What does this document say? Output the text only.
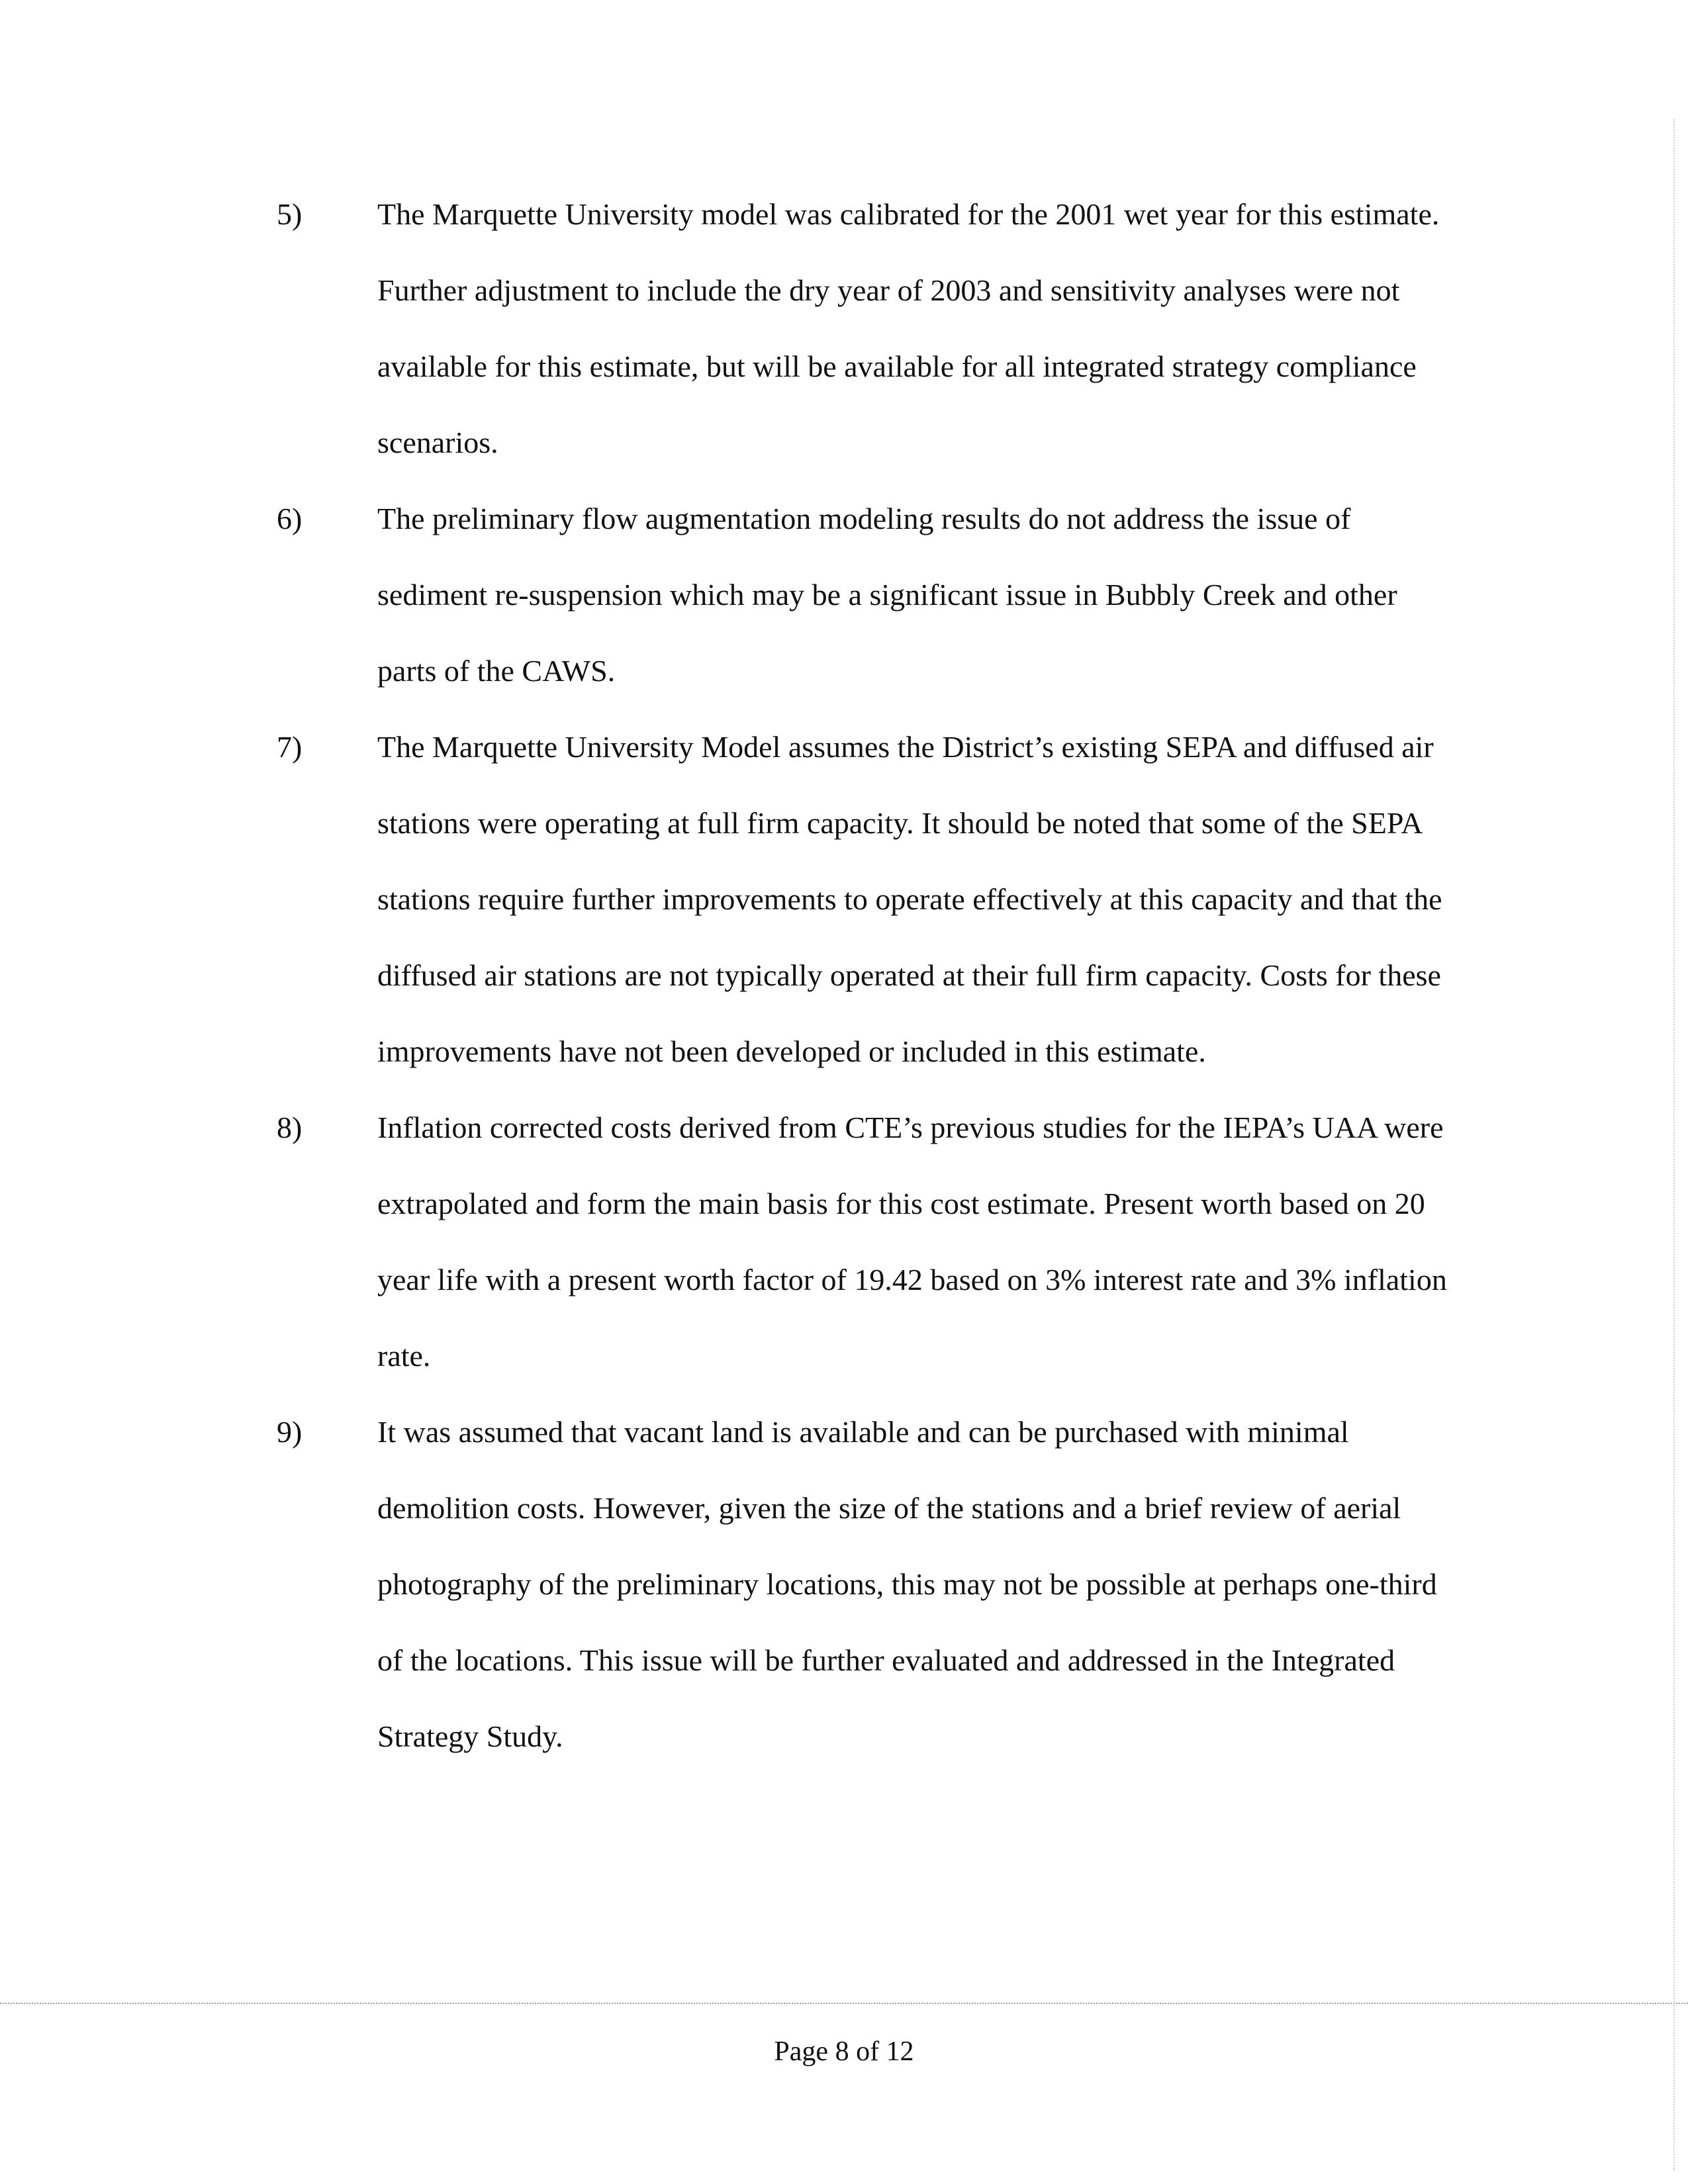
5) The Marquette University model was calibrated for the 2001 wet year for this estimate. Further adjustment to include the dry year of 2003 and sensitivity analyses were not available for this estimate, but will be available for all integrated strategy compliance scenarios.

6) The preliminary flow augmentation modeling results do not address the issue of sediment re-suspension which may be a significant issue in Bubbly Creek and other parts of the CAWS.

7) The Marquette University Model assumes the District’s existing SEPA and diffused air stations were operating at full firm capacity. It should be noted that some of the SEPA stations require further improvements to operate effectively at this capacity and that the diffused air stations are not typically operated at their full firm capacity. Costs for these improvements have not been developed or included in this estimate.

8) Inflation corrected costs derived from CTE’s previous studies for the IEPA’s UAA were extrapolated and form the main basis for this cost estimate. Present worth based on 20 year life with a present worth factor of 19.42 based on 3% interest rate and 3% inflation rate.

9) It was assumed that vacant land is available and can be purchased with minimal demolition costs. However, given the size of the stations and a brief review of aerial photography of the preliminary locations, this may not be possible at perhaps one-third of the locations. This issue will be further evaluated and addressed in the Integrated Strategy Study.

Page 8 of 12
